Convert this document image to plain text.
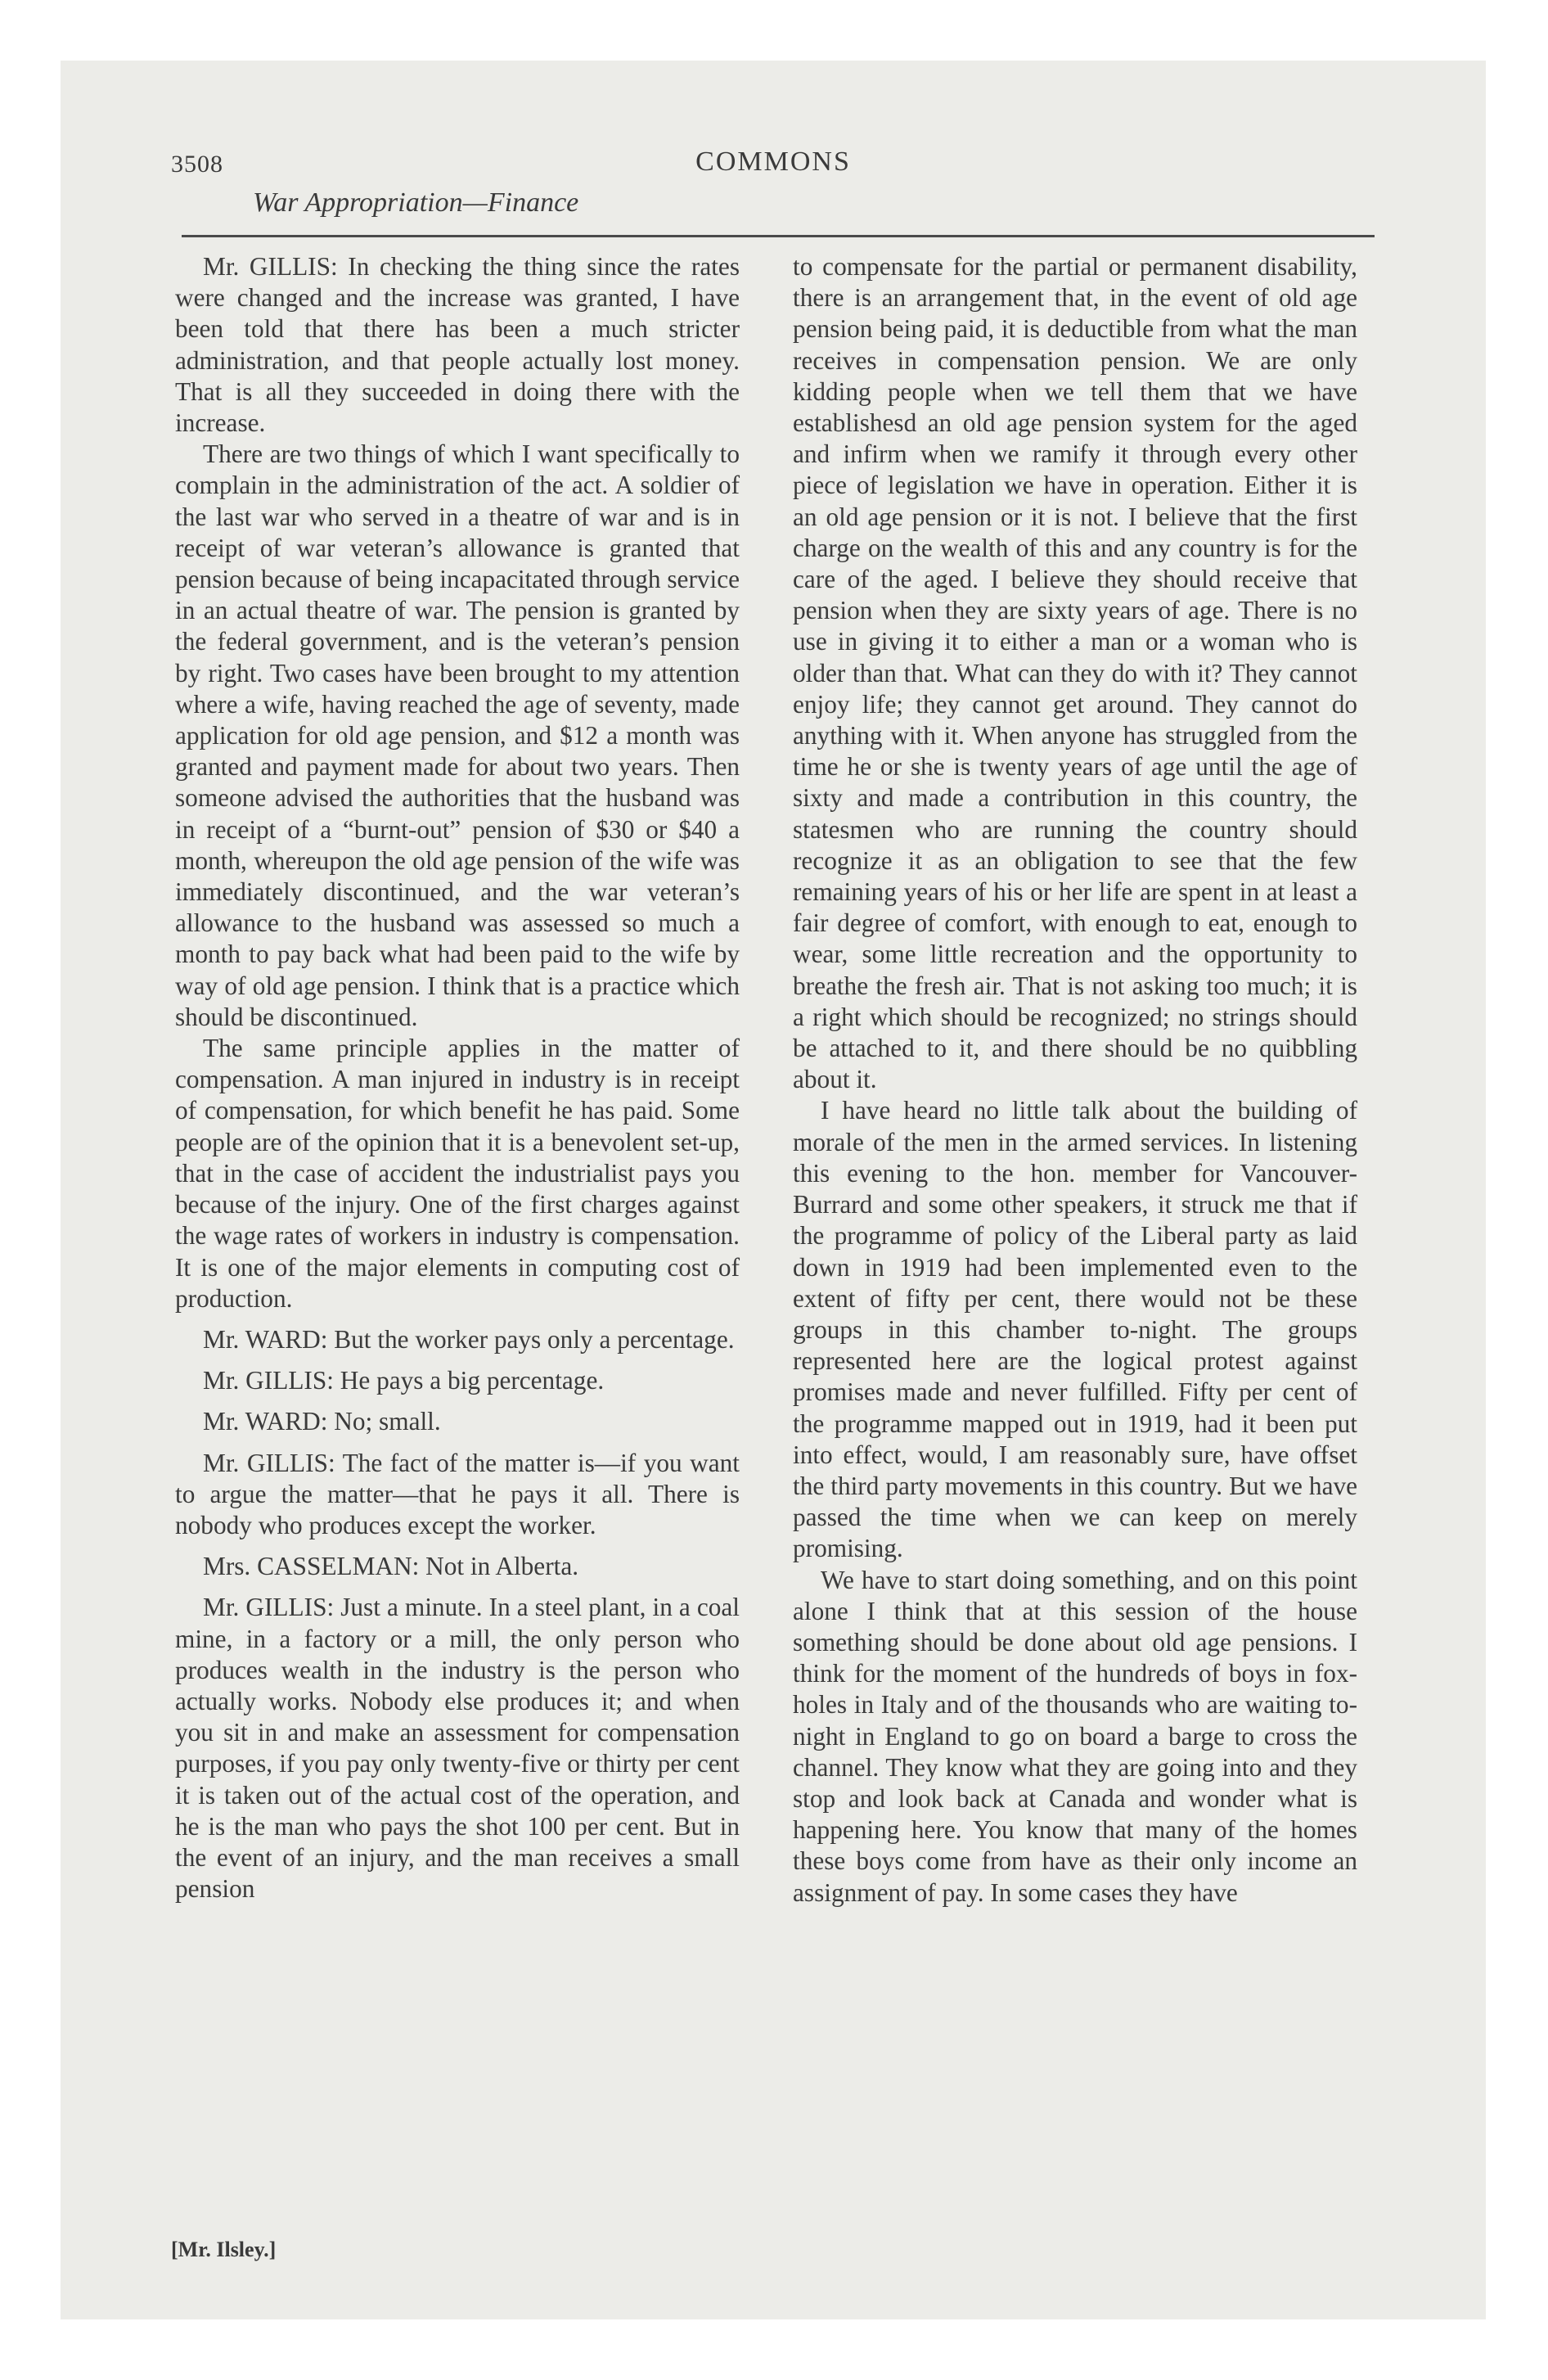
3508	COMMONS
War Appropriation—Finance

Mr. GILLIS: In checking the thing since the rates were changed and the increase was granted, I have been told that there has been a much stricter administration, and that people actually lost money. That is all they succeeded in doing there with the increase.

There are two things of which I want specifically to complain in the administration of the act. A soldier of the last war who served in a theatre of war and is in receipt of war veteran’s allowance is granted that pension because of being incapacitated through service in an actual theatre of war. The pension is granted by the federal government, and is the veteran’s pension by right. Two cases have been brought to my attention where a wife, having reached the age of seventy, made application for old age pension, and $12 a month was granted and payment made for about two years. Then someone advised the authorities that the husband was in receipt of a “burnt-out” pension of $30 or $40 a month, whereupon the old age pension of the wife was immediately discontinued, and the war veteran’s allowance to the husband was assessed so much a month to pay back what had been paid to the wife by way of old age pension. I think that is a practice which should be discontinued.

The same principle applies in the matter of compensation. A man injured in industry is in receipt of compensation, for which benefit he has paid. Some people are of the opinion that it is a benevolent set-up, that in the case of accident the industrialist pays you because of the injury. One of the first charges against the wage rates of workers in industry is compensation. It is one of the major elements in computing cost of production.

Mr. WARD: But the worker pays only a percentage.

Mr. GILLIS: He pays a big percentage.

Mr. WARD: No; small.

Mr. GILLIS: The fact of the matter is—if you want to argue the matter—that he pays it all. There is nobody who produces except the worker.

Mrs. CASSELMAN: Not in Alberta.

Mr. GILLIS: Just a minute. In a steel plant, in a coal mine, in a factory or a mill, the only person who produces wealth in the industry is the person who actually works. Nobody else produces it; and when you sit in and make an assessment for compensation purposes, if you pay only twenty-five or thirty per cent it is taken out of the actual cost of the operation, and he is the man who pays the shot 100 per cent. But in the event of an injury, and the man receives a small pension

to compensate for the partial or permanent disability, there is an arrangement that, in the event of old age pension being paid, it is deductible from what the man receives in compensation pension. We are only kidding people when we tell them that we have establishesd an old age pension system for the aged and infirm when we ramify it through every other piece of legislation we have in operation. Either it is an old age pension or it is not. I believe that the first charge on the wealth of this and any country is for the care of the aged. I believe they should receive that pension when they are sixty years of age. There is no use in giving it to either a man or a woman who is older than that. What can they do with it? They cannot enjoy life; they cannot get around. They cannot do anything with it. When anyone has struggled from the time he or she is twenty years of age until the age of sixty and made a contribution in this country, the statesmen who are running the country should recognize it as an obligation to see that the few remaining years of his or her life are spent in at least a fair degree of comfort, with enough to eat, enough to wear, some little recreation and the opportunity to breathe the fresh air. That is not asking too much; it is a right which should be recognized; no strings should be attached to it, and there should be no quibbling about it.

I have heard no little talk about the building of morale of the men in the armed services. In listening this evening to the hon. member for Vancouver-Burrard and some other speakers, it struck me that if the programme of policy of the Liberal party as laid down in 1919 had been implemented even to the extent of fifty per cent, there would not be these groups in this chamber to-night. The groups represented here are the logical protest against promises made and never fulfilled. Fifty per cent of the programme mapped out in 1919, had it been put into effect, would, I am reasonably sure, have offset the third party movements in this country. But we have passed the time when we can keep on merely promising.

We have to start doing something, and on this point alone I think that at this session of the house something should be done about old age pensions. I think for the moment of the hundreds of boys in fox-holes in Italy and of the thousands who are waiting to-night in England to go on board a barge to cross the channel. They know what they are going into and they stop and look back at Canada and wonder what is happening here. You know that many of the homes these boys come from have as their only income an assignment of pay. In some cases they have

[Mr. Ilsley.]
